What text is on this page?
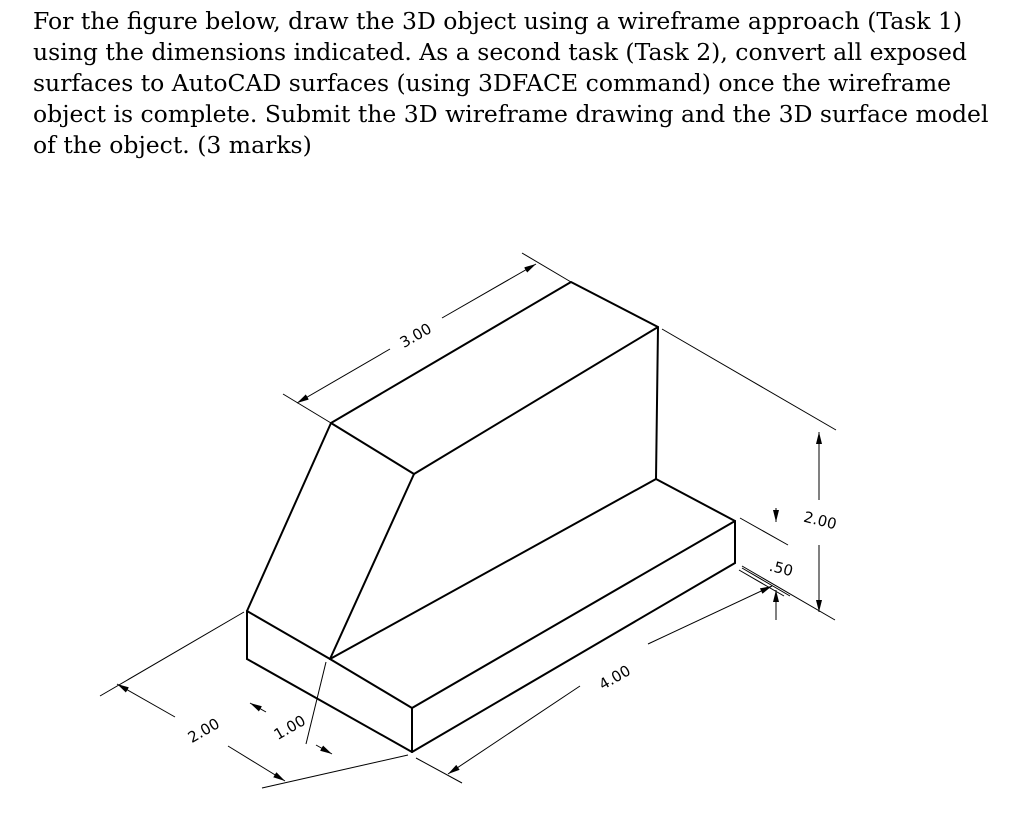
For the figure below, draw the 3D object using a wireframe approach (Task 1)
using the dimensions indicated. As a second task (Task 2), convert all exposed
surfaces to AutoCAD surfaces (using 3DFACE command) once the wireframe
object is complete. Submit the 3D wireframe drawing and the 3D surface model
of the object. (3 marks)
3.00
2.00
.50
4.00
2.00	1.00
